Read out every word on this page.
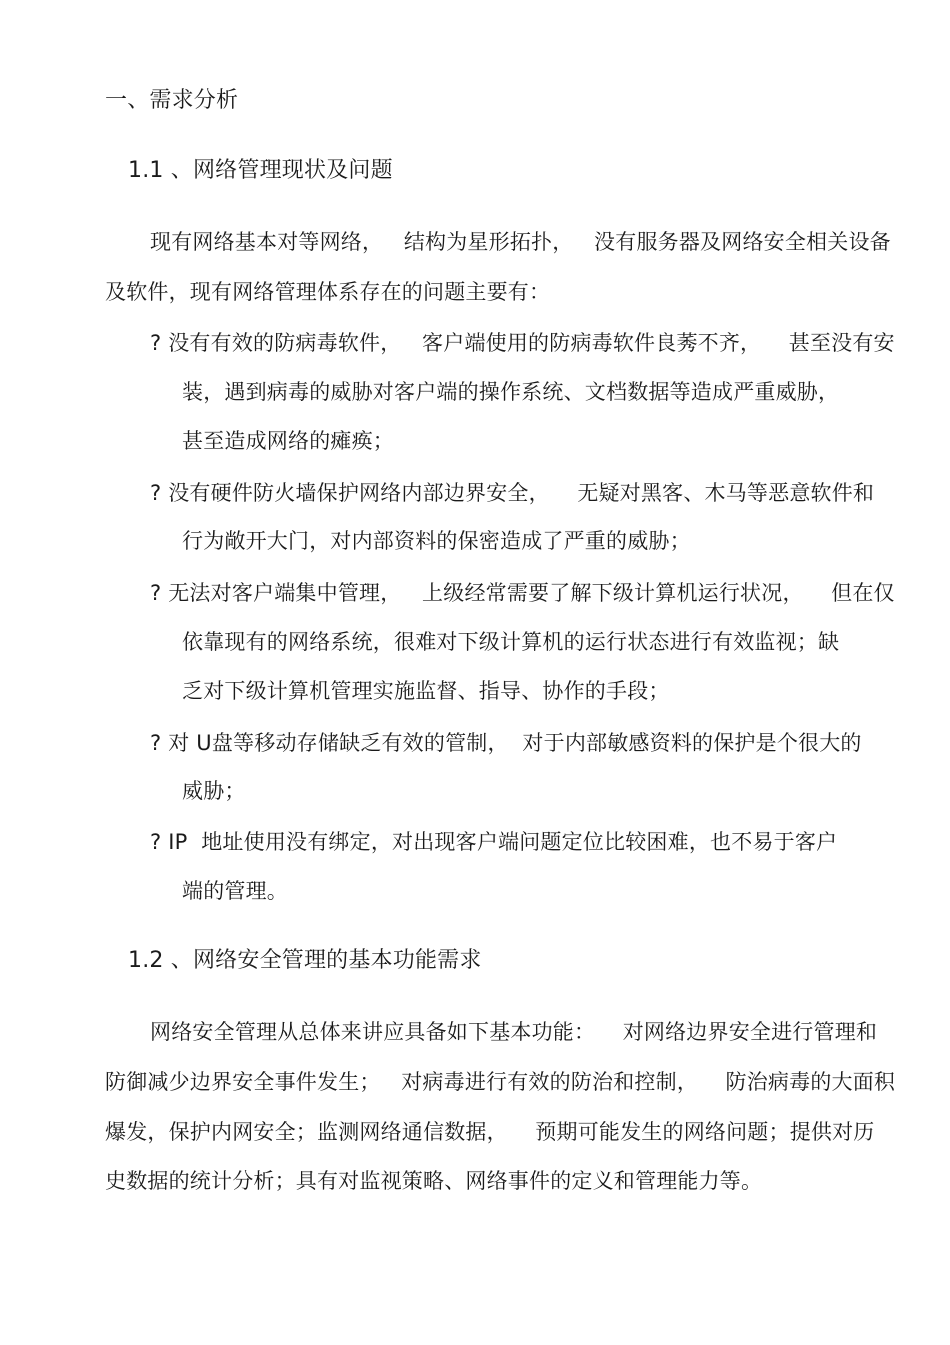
一、需求分析
1.1 、网络管理现状及问题
现有网络基本对等网络，   结构为星形拓扑，   没有服务器及网络安全相关设备
及软件，现有网络管理体系存在的问题主要有：
? 没有有效的防病毒软件，   客户端使用的防病毒软件良莠不齐，    甚至没有安
装，遇到病毒的威胁对客户端的操作系统、文档数据等造成严重威胁，
甚至造成网络的瘫痪；
? 没有硬件防火墙保护网络内部边界安全，    无疑对黑客、木马等恶意软件和
行为敞开大门，对内部资料的保密造成了严重的威胁；
? 无法对客户端集中管理，   上级经常需要了解下级计算机运行状况，    但在仅
依靠现有的网络系统，很难对下级计算机的运行状态进行有效监视；缺
乏对下级计算机管理实施监督、指导、协作的手段；
? 对 U盘等移动存储缺乏有效的管制，  对于内部敏感资料的保护是个很大的
威胁；
? IP  地址使用没有绑定，对出现客户端问题定位比较困难，也不易于客户
端的管理。
1.2 、网络安全管理的基本功能需求
网络安全管理从总体来讲应具备如下基本功能：    对网络边界安全进行管理和
防御减少边界安全事件发生；   对病毒进行有效的防治和控制，    防治病毒的大面积
爆发，保护内网安全；监测网络通信数据，    预期可能发生的网络问题；提供对历
史数据的统计分析；具有对监视策略、网络事件的定义和管理能力等。
